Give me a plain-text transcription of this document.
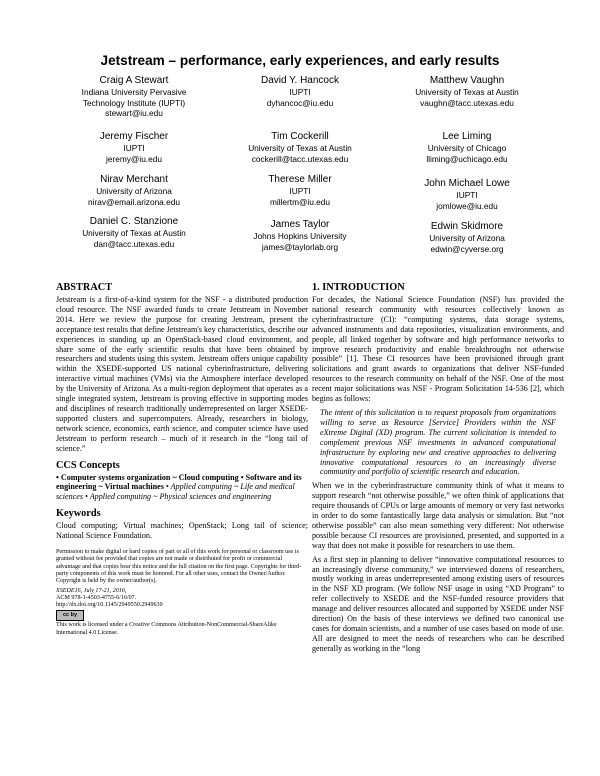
Jetstream – performance, early experiences, and early results
Craig A Stewart
Indiana University Pervasive
Technology Institute (IUPTI)
stewart@iu.edu
David Y. Hancock
IUPTI
dyhancoc@iu.edu
Matthew Vaughn
University of Texas at Austin
vaughn@tacc.utexas.edu
Jeremy Fischer
IUPTI
jeremy@iu.edu
Tim Cockerill
University of Texas at Austin
cockerill@tacc.utexas.edu
Lee Liming
University of Chicago
lliming@uchicago.edu
Nirav Merchant
University of Arizona
nirav@email.arizona.edu
Therese Miller
IUPTI
millertm@iu.edu
John Michael Lowe
IUPTI
jomlowe@iu.edu
Daniel C. Stanzione
University of Texas at Austin
dan@tacc.utexas.edu
James Taylor
Johns Hopkins University
james@taylorlab.org
Edwin Skidmore
University of Arizona
edwin@cyverse.org
ABSTRACT

Jetstream is a first-of-a-kind system for the NSF - a distributed production cloud resource. The NSF awarded funds to create Jetstream in November 2014. Here we review the purpose for creating Jetstream, present the acceptance test results that define Jetstream's key characteristics, describe our experiences in standing up an OpenStack-based cloud environment, and share some of the early scientific results that have been obtained by researchers and students using this system. Jetstream offers unique capability within the XSEDE-supported US national cyberinfrastructure, delivering interactive virtual machines (VMs) via the Atmosphere interface developed by the University of Arizona. As a multi-region deployment that operates as a single integrated system, Jetstream is proving effective in supporting modes and disciplines of research traditionally underrepresented on larger XSEDE-supported clusters and supercomputers. Already, researchers in biology, network science, economics, earth science, and computer science have used Jetstream to perform research – much of it research in the “long tail of science.”

CCS Concepts

• Computer systems organization ~ Cloud computing • Software and its engineering ~ Virtual machines • Applied computing ~ Life and medical sciences • Applied computing ~ Physical sciences and engineering

Keywords

Cloud computing; Virtual machines; OpenStack; Long tail of science; National Science Foundation.

Permission to make digital or hard copies of part or all of this work for personal or classroom use is granted without fee provided that copies are not made or distributed for profit or commercial advantage and that copies bear this notice and the full citation on the first page. Copyrights for third-party components of this work must be honored. For all other uses, contact the Owner/Author. Copyright is held by the owner/author(s).

XSEDE16, July 17-21, 2016,

ACM 978-1-4503-4755-6/16/07.

http://dx.doi.org/10.1145/2949550.2949639

cc by

This work is licensed under a Creative Commons Attribution-NonCommercial-ShareAlike International 4.0 License.

1. INTRODUCTION

For decades, the National Science Foundation (NSF) has provided the national research community with resources collectively known as cyberinfrastructure (CI): “computing systems, data storage systems, advanced instruments and data repositories, visualization environments, and people, all linked together by software and high performance networks to improve research productivity and enable breakthroughs not otherwise possible” [1]. These CI resources have been provisioned through grant solicitations and grant awards to organizations that deliver NSF-funded resources to the research community on behalf of the NSF. One of the most recent major solicitations was NSF - Program Solicitation 14-536 [2], which begins as follows:

The intent of this solicitation is to request proposals from organizations willing to serve as Resource [Service] Providers within the NSF eXtreme Digital (XD) program. The current solicitation is intended to complement previous NSF investments in advanced computational infrastructure by exploring new and creative approaches to delivering innovative computational resources to an increasingly diverse community and portfolio of scientific research and education.

When we in the cyberinfrastructure community think of what it means to support research “not otherwise possible,” we often think of applications that require thousands of CPUs or large amounts of memory or very fast networks in order to do some fantastically large data analysis or simulation. But “not otherwise possible” can also mean something very different: Not otherwise possible because CI resources are provisioned, presented, and supported in a way that does not make it possible for researchers to use them.

As a first step in planning to deliver “innovative computational resources to an increasingly diverse community,” we interviewed dozens of researchers, mostly working in areas underrepresented among existing users of resources in the NSF XD program. (We follow NSF usage in using “XD Program” to refer collectively to XSEDE and the NSF-funded resource providers that manage and deliver resources allocated and supported by XSEDE under NSF direction) On the basis of these interviews we defined two canonical use cases for domain scientists, and a number of use cases based on mode of use. All are designed to meet the needs of researchers who can be described generally as working in the “long
